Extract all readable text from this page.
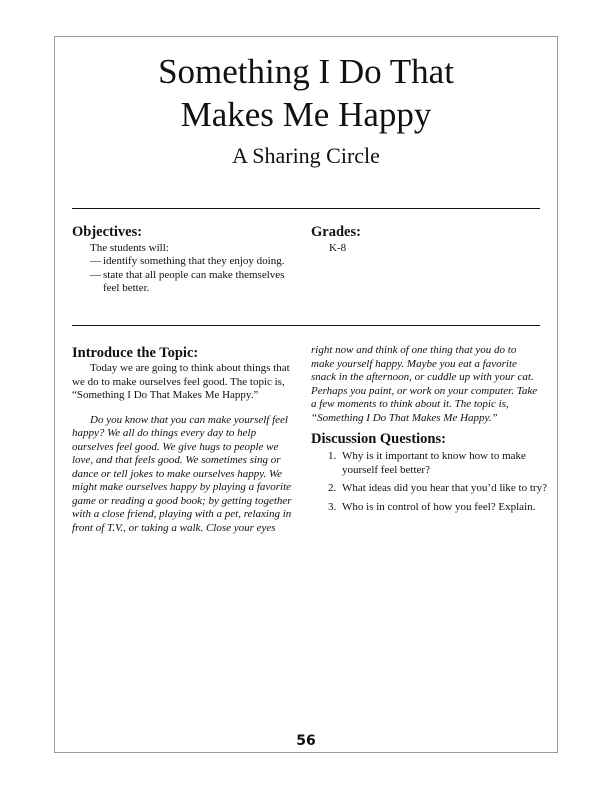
Something I Do That
Makes Me Happy
A Sharing Circle
Objectives:
The students will:
— identify something that they enjoy doing.
— state that all people can make themselves feel better.
Grades:
K-8
Introduce the Topic:

Today we are going to think about things that we do to make ourselves feel good. The topic is, “Something I Do That Makes Me Happy.”

Do you know that you can make yourself feel happy? We all do things every day to help ourselves feel good. We give hugs to people we love, and that feels good. We sometimes sing or dance or tell jokes to make ourselves happy. We might make ourselves happy by playing a favorite game or reading a good book; by getting together with a close friend, playing with a pet, relaxing in front of T.V., or taking a walk. Close your eyes

right now and think of one thing that you do to make yourself happy. Maybe you eat a favorite snack in the afternoon, or cuddle up with your cat. Perhaps you paint, or work on your computer. Take a few moments to think about it. The topic is, “Something I Do That Makes Me Happy.”
Discussion Questions:
1. Why is it important to know how to make yourself feel better?
2. What ideas did you hear that you’d like to try?
3. Who is in control of how you feel? Explain.
56
